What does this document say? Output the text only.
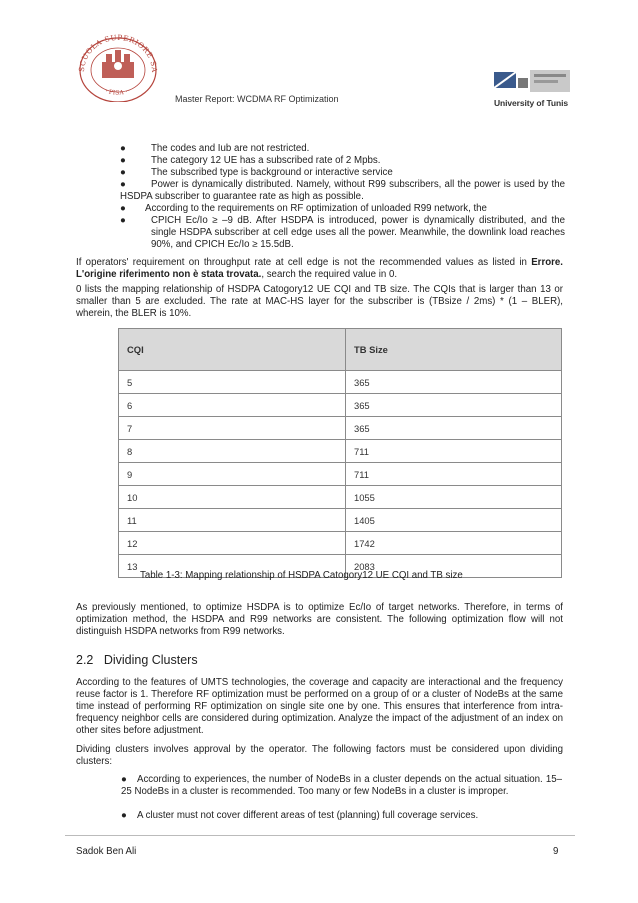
SCUOLA SUPERIORE SA
· PISA ·
University of Tunis
Master Report: WCDMA RF Optimization
●	The codes and Iub are not restricted.
●	The category 12 UE has a subscribed rate of 2 Mpbs.
●	The subscribed type is background or interactive service
●	Power is dynamically distributed. Namely, without R99 subscribers, all the power is used by the HSDPA subscriber to guarantee rate as high as possible.
● According to the requirements on RF optimization of unloaded R99 network, the
●	CPICH Ec/Io ≥ –9 dB. After HSDPA is introduced, power is dynamically distributed, and the single HSDPA subscriber at cell edge uses all the power. Meanwhile, the downlink load reaches 90%, and CPICH Ec/Io ≥ 15.5dB.
If operators' requirement on throughput rate at cell edge is not the recommended values as listed in Errore. L'origine riferimento non è stata trovata., search the required value in 0.
0 lists the mapping relationship of HSDPA Catogory12 UE CQI and TB size. The CQIs that is larger than 13 or smaller than 5 are excluded. The rate at MAC-HS layer for the subscriber is (TBsize / 2ms) * (1 – BLER), wherein, the BLER is 10%.
CQI	TB Size
5	365
6	365
7	365
8	711
9	711
10	1055
11	1405
12	1742
13	2083
Table 1-3: Mapping relationship of HSDPA Catogory12 UE CQI and TB size
As previously mentioned, to optimize HSDPA is to optimize Ec/Io of target networks. Therefore, in terms of optimization method, the HSDPA and R99 networks are consistent. The following optimization flow will not distinguish HSDPA networks from R99 networks.
2.2 Dividing Clusters
According to the features of UMTS technologies, the coverage and capacity are interactional and the frequency reuse factor is 1. Therefore RF optimization must be performed on a group of or a cluster of NodeBs at the same time instead of performing RF optimization on single site one by one. This ensures that interference from intra-frequency neighbor cells are considered during optimization. Analyze the impact of the adjustment of an index on other sites before adjustment.
Dividing clusters involves approval by the operator. The following factors must be considered upon dividing clusters:
●	According to experiences, the number of NodeBs in a cluster depends on the actual situation. 15–25 NodeBs in a cluster is recommended. Too many or few NodeBs in a cluster is improper.
● A cluster must not cover different areas of test (planning) full coverage services.
Sadok Ben Ali	9
